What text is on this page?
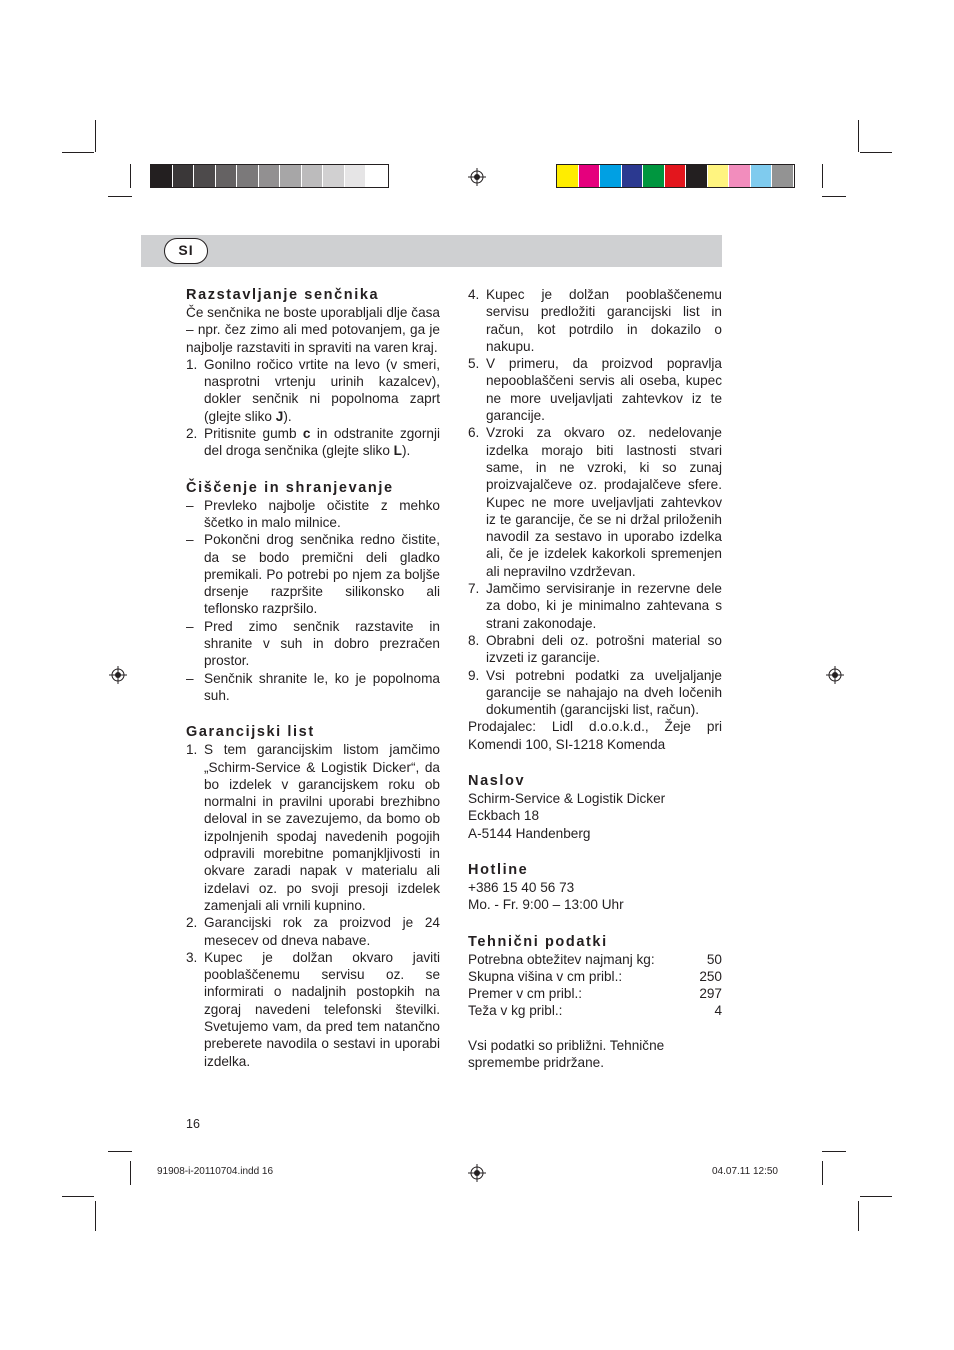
SI
Razstavljanje senčnika

Če senčnika ne boste uporabljali dlje časa – npr. čez zimo ali med potovanjem, ga je najbolje razstaviti in spraviti na varen kraj.

1. Gonilno ročico vrtite na levo (v smeri, nasprotni vrtenju urinih kazalcev), dokler senčnik ni popolnoma zaprt (glejte sliko J).
2. Pritisnite gumb c in odstranite zgornji del droga senčnika (glejte sliko L).
Čiščenje in shranjevanje
– Prevleko najbolje očistite z mehko ščetko in malo milnice.
– Pokončni drog senčnika redno čistite, da se bodo premični deli gladko premikali. Po potrebi po njem za boljše drsenje razpršite silikonsko ali teflonsko razpršilo.
– Pred zimo senčnik razstavite in shranite v suh in dobro prezračen prostor.
– Senčnik shranite le, ko je popolnoma suh.
Garancijski list
1. S tem garancijskim listom jamčimo „Schirm-Service & Logistik Dicker“, da bo izdelek v garancijskem roku ob normalni in pravilni uporabi brezhibno deloval in se zavezujemo, da bomo ob izpolnjenih spodaj navedenih pogojih odpravili morebitne pomanjkljivosti in okvare zaradi napak v materialu ali izdelavi oz. po svoji presoji izdelek zamenjali ali vrnili kupnino.
2. Garancijski rok za proizvod je 24 mesecev od dneva nabave.
3. Kupec je dolžan okvaro javiti pooblaščenemu servisu oz. se informirati o nadaljnih postopkih na zgoraj navedeni telefonski številki. Svetujemo vam, da pred tem natančno preberete navodila o sestavi in uporabi izdelka.
4. Kupec je dolžan pooblaščenemu servisu predložiti garancijski list in račun, kot potrdilo in dokazilo o nakupu.
5. V primeru, da proizvod popravlja nepooblaščeni servis ali oseba, kupec ne more uveljavljati zahtevkov iz te garancije.
6. Vzroki za okvaro oz. nedelovanje izdelka morajo biti lastnosti stvari same, in ne vzroki, ki so zunaj proizvajalčeve oz. prodajalčeve sfere. Kupec ne more uveljavljati zahtevkov iz te garancije, če se ni držal priloženih navodil za sestavo in uporabo izdelka ali, če je izdelek kakorkoli spremenjen ali nepravilno vzdrževan.
7. Jamčimo servisiranje in rezervne dele za dobo, ki je minimalno zahtevana s strani zakonodaje.
8. Obrabni deli oz. potrošni material so izvzeti iz garancije.
9. Vsi potrebni podatki za uveljaljanje garancije se nahajajo na dveh ločenih dokumentih (garancijski list, račun).

Prodajalec: Lidl d.o.o.k.d., Žeje pri Komendi 100, SI-1218 Komenda

Naslov
Schirm-Service & Logistik Dicker
Eckbach 18
A-5144 Handenberg
Hotline
+386 15 40 56 73
Mo. - Fr. 9:00 – 13:00 Uhr
Tehnični podatki
Potrebna obtežitev najmanj kg:	50
Skupna višina v cm pribl.:	250
Premer v cm pribl.:	297
Teža v kg pribl.:	4

Vsi podatki so približni. Tehnične spremembe pridržane.

16
91908-i-20110704.indd 16	04.07.11 12:50
